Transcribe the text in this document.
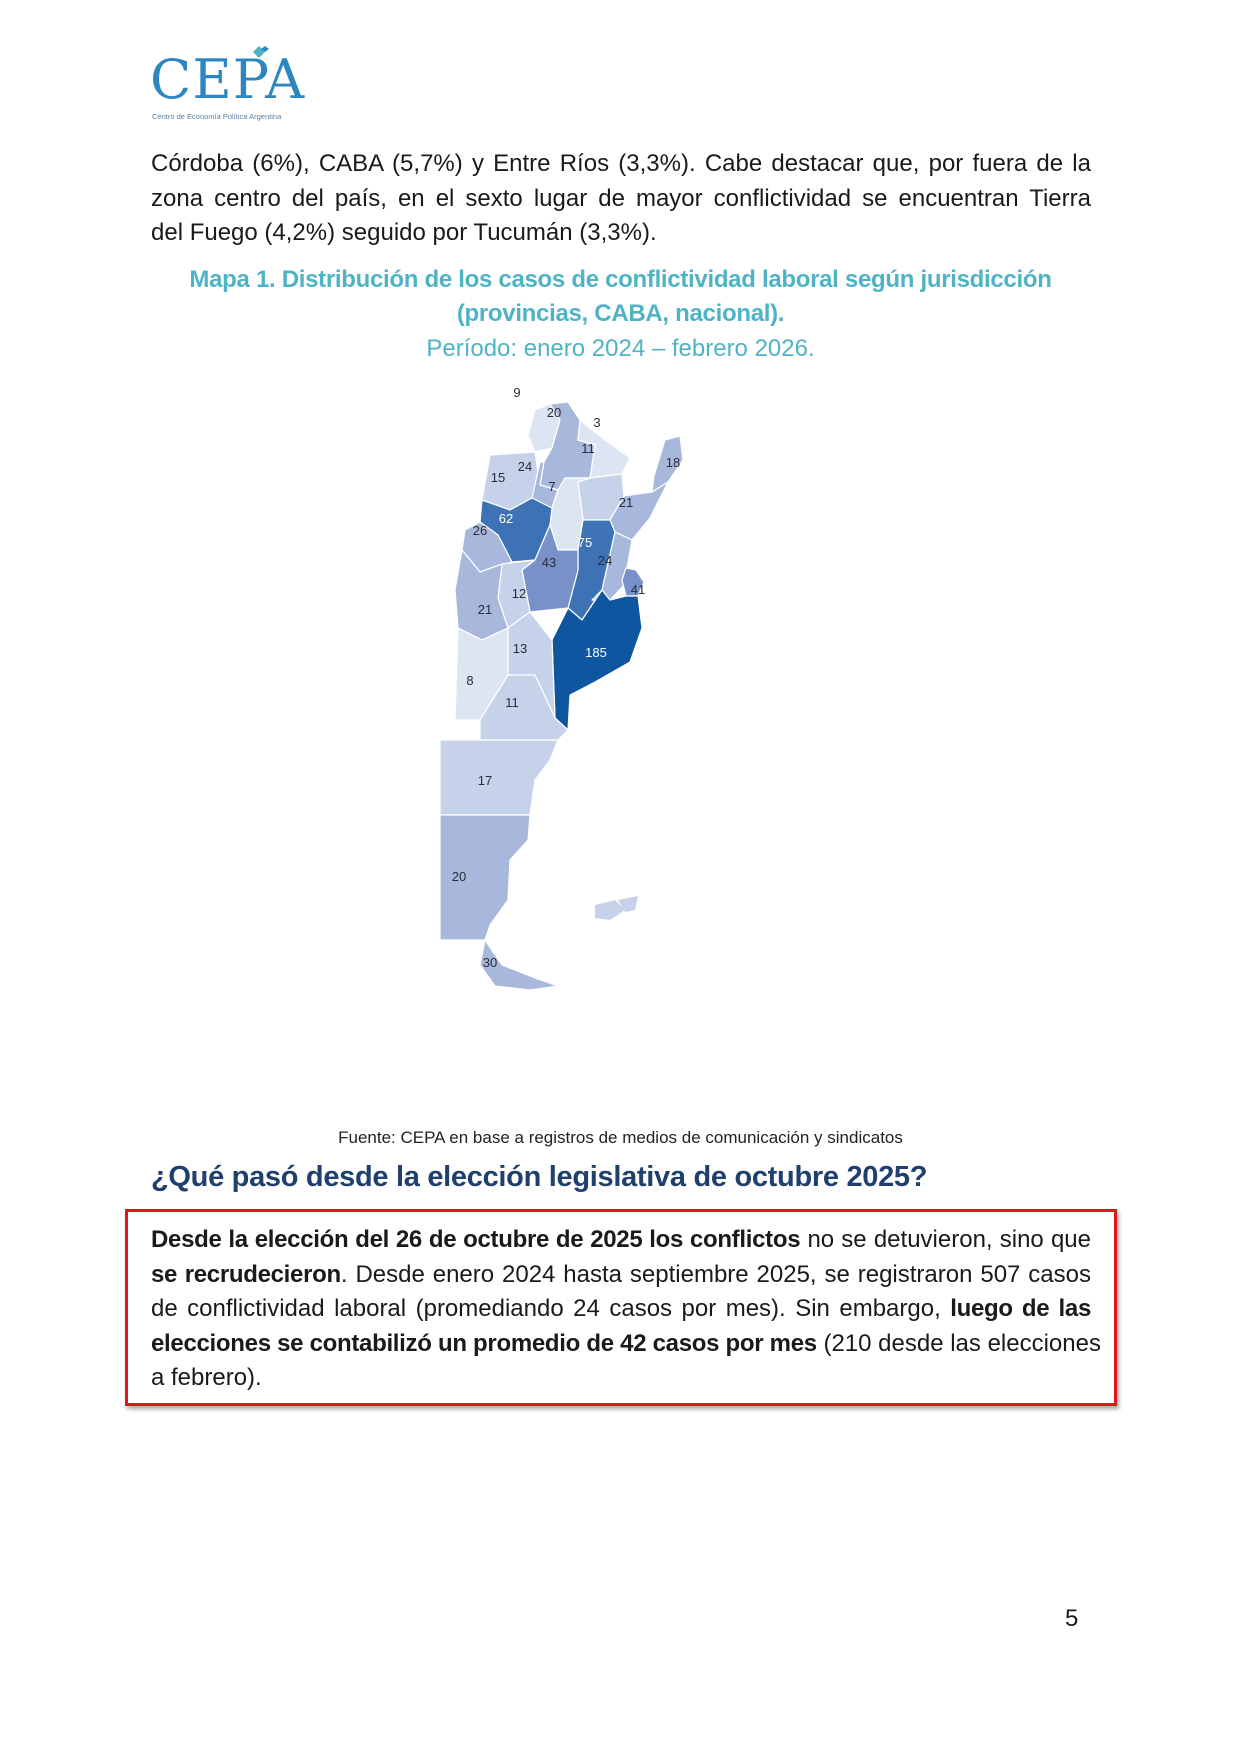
CEPA
Centro de Economía Política Argentina
Córdoba (6%), CABA (5,7%) y Entre Ríos (3,3%). Cabe destacar que, por fuera de la
zona centro del país, en el sexto lugar de mayor conflictividad se encuentran Tierra
del Fuego (4,2%) seguido por Tucumán (3,3%).
Mapa 1. Distribución de los casos de conflictividad laboral según jurisdicción
(provincias, CABA, nacional).
Período: enero 2024 – febrero 2026.
9
20
3
11
18
15
24
7
21
62
26
75
43	24
41
12
21
185
13
8
11
17
20
30
Fuente: CEPA en base a registros de medios de comunicación y sindicatos
¿Qué pasó desde la elección legislativa de octubre 2025?
Desde la elección del 26 de octubre de 2025 los conflictos no se detuvieron, sino que
se recrudecieron. Desde enero 2024 hasta septiembre 2025, se registraron 507 casos
de conflictividad laboral (promediando 24 casos por mes). Sin embargo, luego de las
elecciones se contabilizó un promedio de 42 casos por mes (210 desde las elecciones
a febrero).
5
